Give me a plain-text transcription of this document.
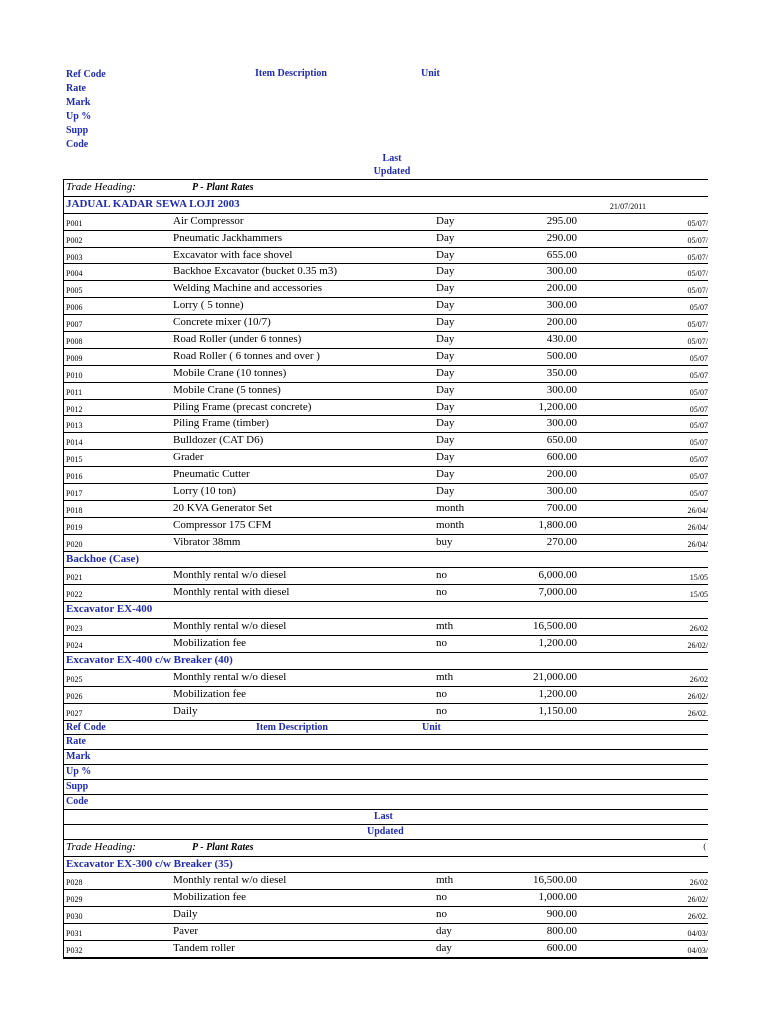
Ref Code
Rate
Mark
Up %
Supp
Code
Item Description	Unit
Last
Updated
Trade Heading:	P - Plant Rates
JADUAL KADAR SEWA LOJI 2003	21/07/2011
P001	Air Compressor	Day	295.00	05/07/
P002	Pneumatic Jackhammers	Day	290.00	05/07/
P003	Excavator with face shovel	Day	655.00	05/07/
P004	Backhoe Excavator (bucket 0.35 m3)	Day	300.00	05/07/
P005	Welding Machine and accessories	Day	200.00	05/07/
P006	Lorry ( 5 tonne)	Day	300.00	05/07
P007	Concrete mixer (10/7)	Day	200.00	05/07/
P008	Road Roller (under 6 tonnes)	Day	430.00	05/07/
P009	Road Roller ( 6 tonnes and over )	Day	500.00	05/07
P010	Mobile Crane (10 tonnes)	Day	350.00	05/07
P011	Mobile Crane (5 tonnes)	Day	300.00	05/07
P012	Piling Frame (precast concrete)	Day	1,200.00	05/07
P013	Piling Frame (timber)	Day	300.00	05/07
P014	Bulldozer (CAT D6)	Day	650.00	05/07
P015	Grader	Day	600.00	05/07
P016	Pneumatic Cutter	Day	200.00	05/07
P017	Lorry (10 ton)	Day	300.00	05/07
P018	20 KVA Generator Set	month	700.00	26/04/
P019	Compressor 175 CFM	month	1,800.00	26/04/
P020	Vibrator 38mm	buy	270.00	26/04/
Backhoe (Case)
P021	Monthly rental w/o diesel	no	6,000.00	15/05
P022	Monthly rental with diesel	no	7,000.00	15/05
Excavator EX-400
P023	Monthly rental w/o diesel	mth	16,500.00	26/02
P024	Mobilization fee	no	1,200.00	26/02/
Excavator EX-400 c/w Breaker (40)
P025	Monthly rental w/o diesel	mth	21,000.00	26/02
P026	Mobilization fee	no	1,200.00	26/02/
P027	Daily	no	1,150.00	26/02.
Ref Code	Item Description	Unit
Rate
Mark
Up %
Supp
Code
Last
Updated
Trade Heading:	P - Plant Rates	(
Excavator EX-300 c/w Breaker (35)
P028	Monthly rental w/o diesel	mth	16,500.00	26/02
P029	Mobilization fee	no	1,000.00	26/02/
P030	Daily	no	900.00	26/02.
P031	Paver	day	800.00	04/03/
P032	Tandem roller	day	600.00	04/03/
